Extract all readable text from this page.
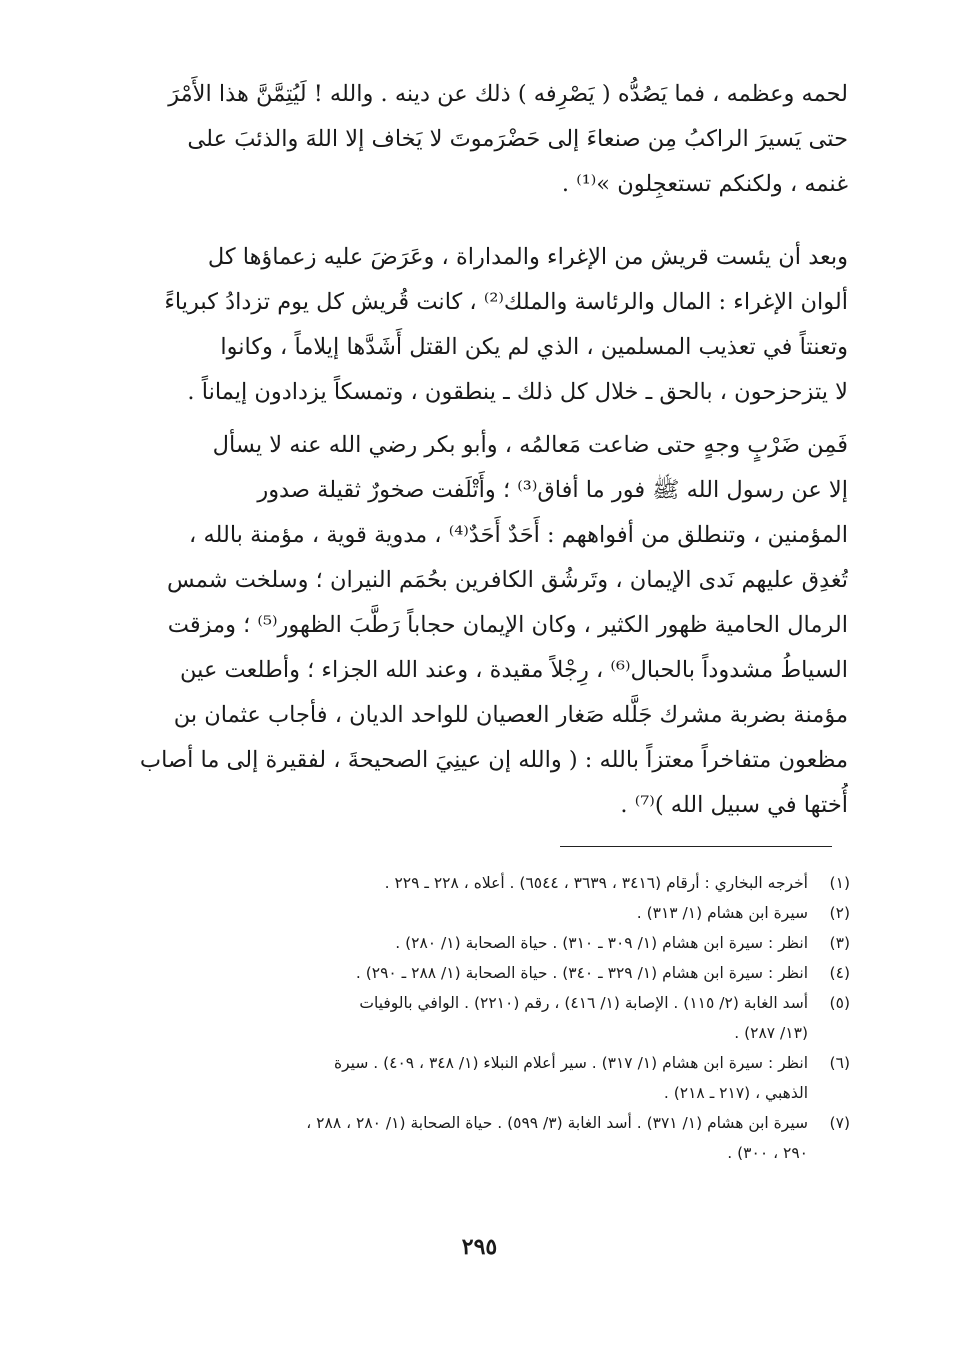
لحمه وعظمه ، فما يَصُدُّه ( يَصْرِفه ) ذلك عن دينه . والله ! لَيُتِمَّنَّ هذا الأَمْرَ
حتى يَسيرَ الراكبُ مِن صنعاءَ إلى حَضْرَموتَ لا يَخاف إلا اللهَ والذئبَ على
غنمه ، ولكنكم تستعجِلون »⁽¹⁾ .

وبعد أن يئست قريش من الإغراء والمداراة ، وعَرَضَ عليه زعماؤها كل
ألوان الإغراء : المال والرئاسة والملك⁽²⁾ ، كانت قُريش كل يوم تزدادُ كبرياءً
وتعنتاً في تعذيب المسلمين ، الذي لم يكن القتل أَشَدَّها إيلاماً ، وكانوا
لا يتزحزحون ، بالحق ـ خلال كل ذلك ـ ينطقون ، وتمسكاً يزدادون إيماناً .

فَمِن ضَرْبٍ وجهٍ حتى ضاعت مَعالمُه ، وأبو بكر رضي الله عنه لا يسأل
إلا عن رسول الله ﷺ فور ما أفاق⁽³⁾ ؛ وأَتْلَفت صخورٌ ثقيلة صدور
المؤمنين ، وتنطلق من أفواههم : أَحَدٌ أَحَدٌ⁽⁴⁾ ، مدوية قوية ، مؤمنة بالله ،
تُغدِق عليهم نَدى الإيمان ، وتَرشُق الكافرين بحُمَم النيران ؛ وسلخت شمس
الرمال الحامية ظهور الكثير ، وكان الإيمان حجاباً رَطَّبَ الظهور⁽⁵⁾ ؛ ومزقت
السياطُ مشدوداً بالحبال⁽⁶⁾ ، رِجْلاً مقيدة ، وعند الله الجزاء ؛ وأطلعت عين
مؤمنة بضربة مشرك جَلَّله صَغار العصيان للواحد الديان ، فأجاب عثمان بن
مظعون متفاخراً معتزاً بالله : ( والله إن عينِيَ الصحيحةَ ، لفقيرة إلى ما أصاب
أُختها في سبيل الله )⁽⁷⁾ .

(١)
أخرجه البخاري : أرقام (٣٤١٦ ، ٣٦٣٩ ، ٦٥٤٤) . أعلاه ، ٢٢٨ ـ ٢٢٩ .
(٢)
سيرة ابن هشام (١/ ٣١٣) .
(٣)
انظر : سيرة ابن هشام (١/ ٣٠٩ ـ ٣١٠) . حياة الصحابة (١/ ٢٨٠) .
(٤)
انظر : سيرة ابن هشام (١/ ٣٢٩ ـ ٣٤٠) . حياة الصحابة (١/ ٢٨٨ ـ ٢٩٠) .
(٥)
أسد الغابة (٢/ ١١٥) . الإصابة (١/ ٤١٦) ، رقم (٢٢١٠) . الوافي بالوفيات
(١٣/ ٢٨٧) .
(٦)
انظر : سيرة ابن هشام (١/ ٣١٧) . سير أعلام النبلاء (١/ ٣٤٨ ، ٤٠٩) . سيرة
الذهبي ، (٢١٧ ـ ٢١٨) .
(٧)
سيرة ابن هشام (١/ ٣٧١) . أسد الغابة (٣/ ٥٩٩) . حياة الصحابة (١/ ٢٨٠ ، ٢٨٨ ،
٢٩٠ ، ٣٠٠) .
٢٩٥
